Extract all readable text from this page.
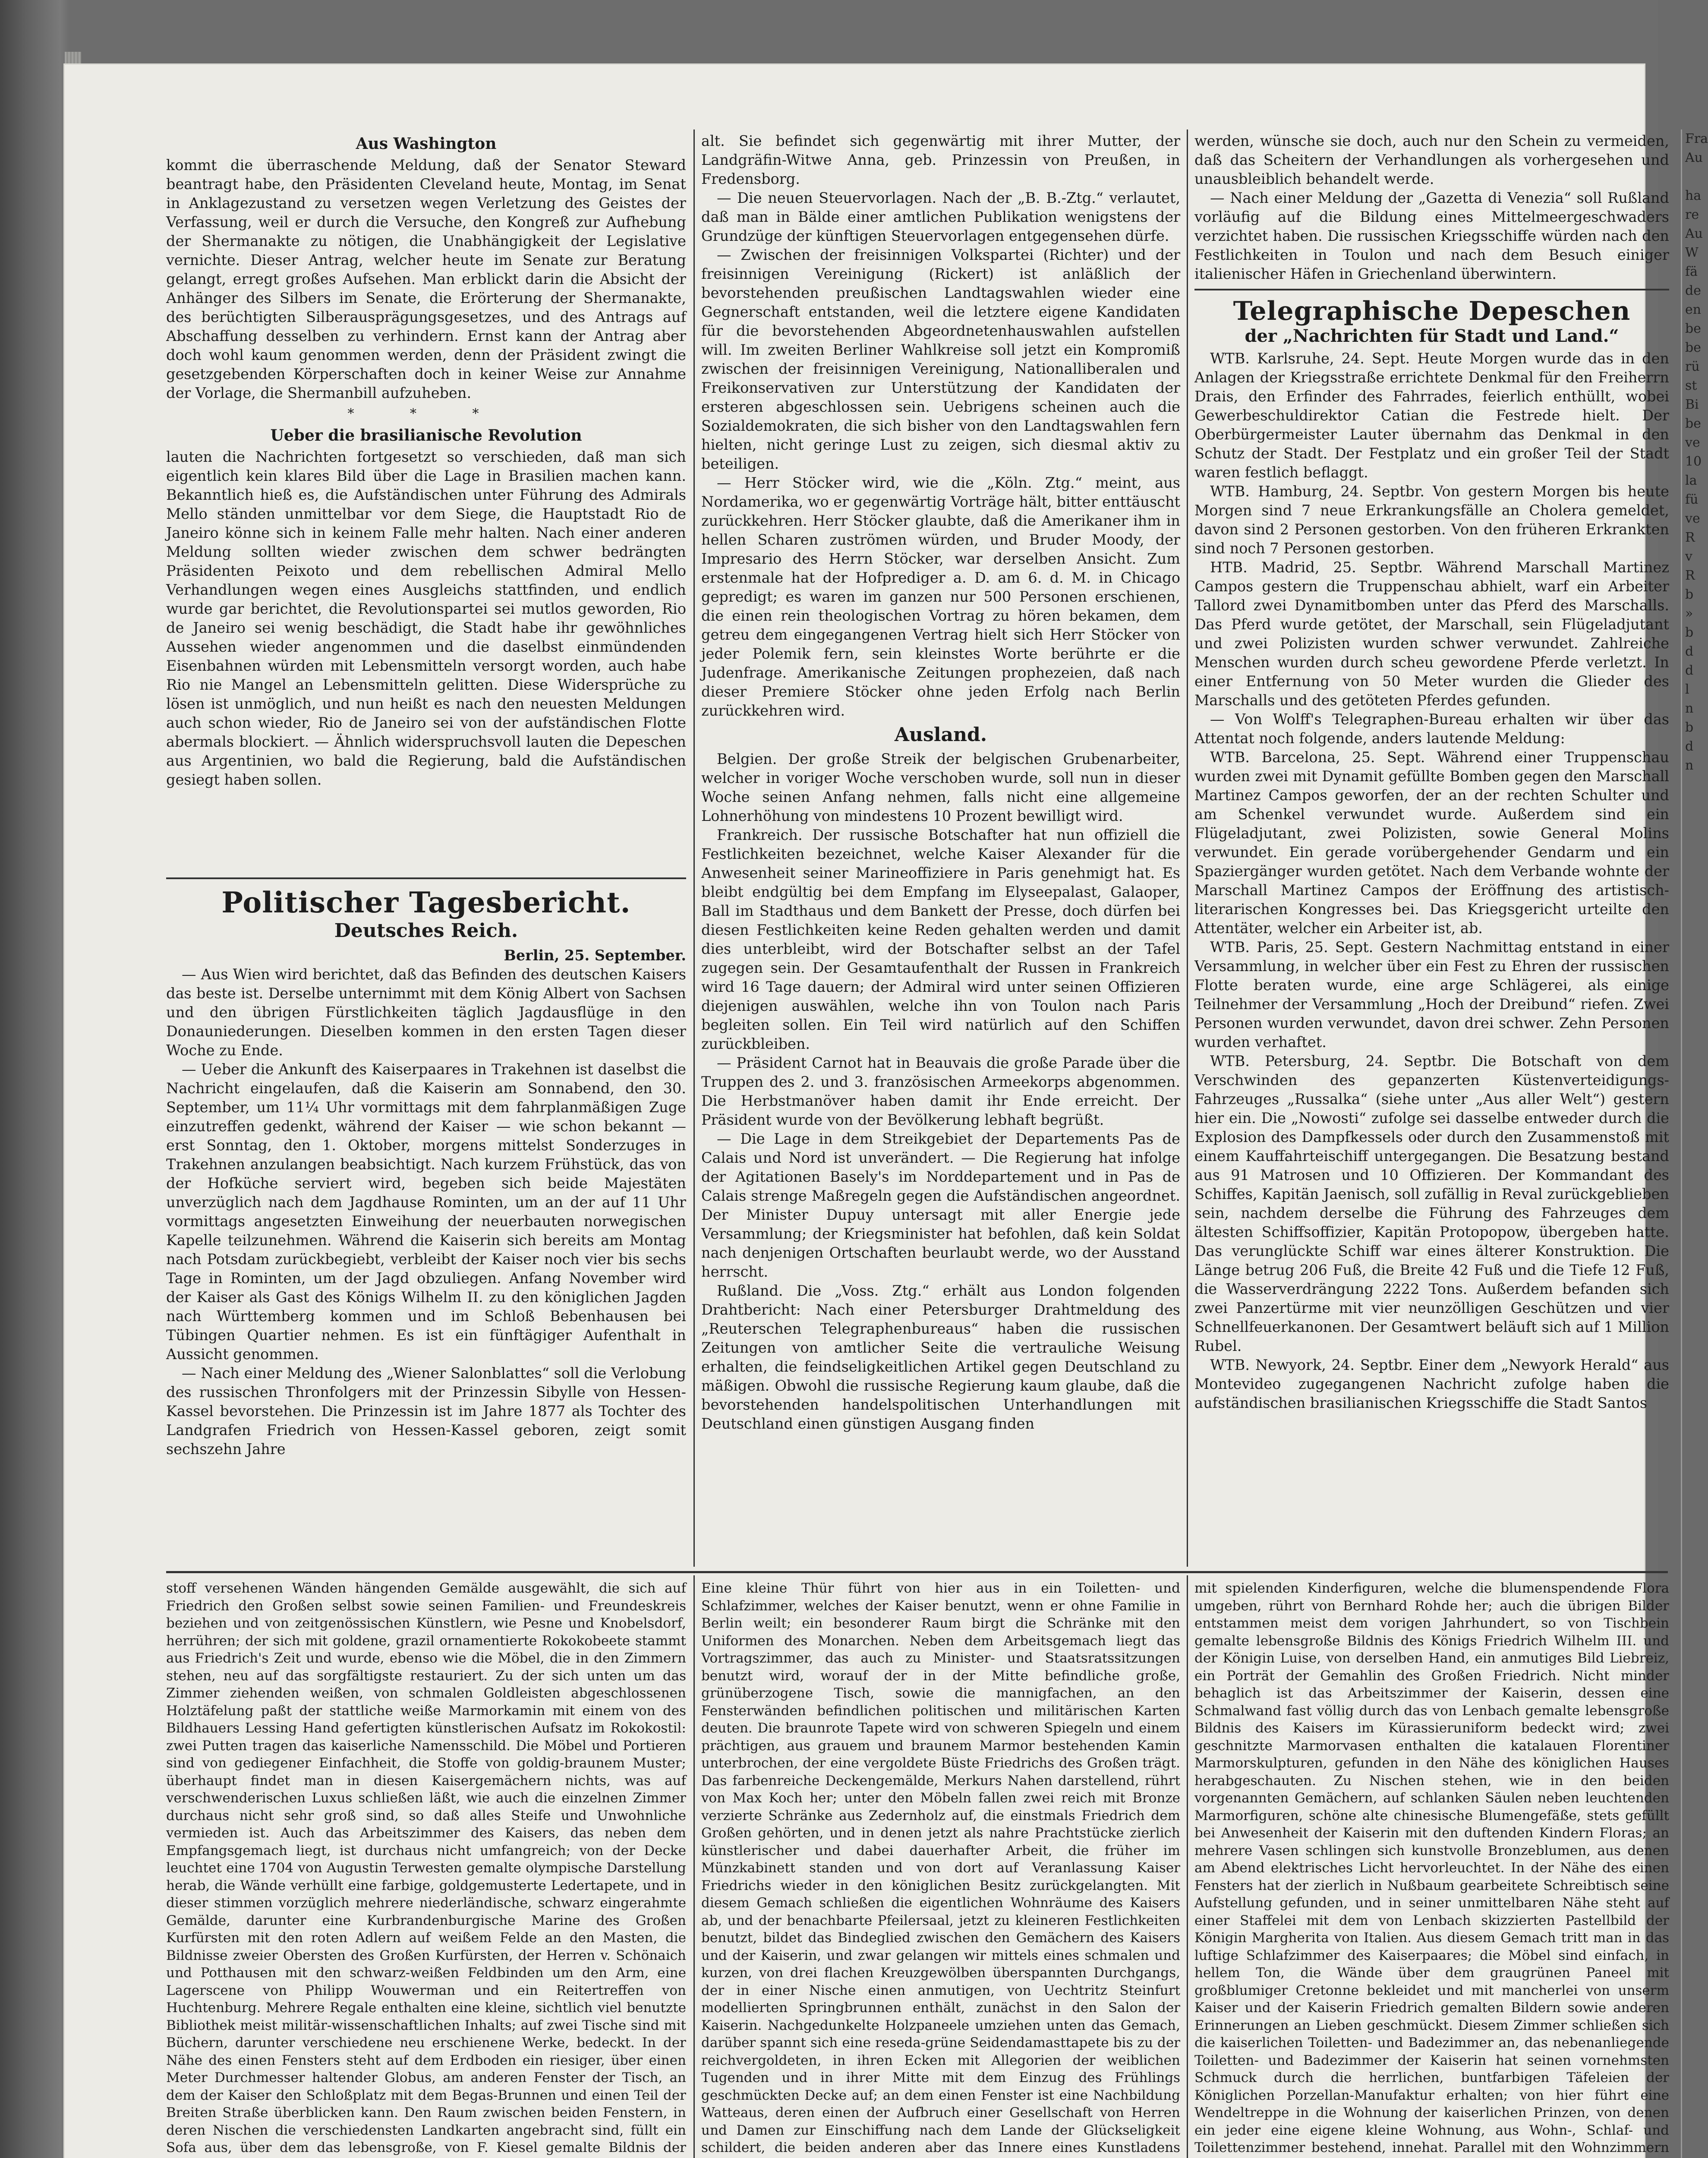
Aus Washington

kommt die überraschende Meldung, daß der Senator Steward beantragt habe, den Präsidenten Cleveland heute, Montag, im Senat in Anklagezustand zu versetzen wegen Verletzung des Geistes der Verfassung, weil er durch die Versuche, den Kongreß zur Aufhebung der Shermanakte zu nötigen, die Unabhängigkeit der Legislative vernichte. Dieser Antrag, welcher heute im Senate zur Beratung gelangt, erregt großes Aufsehen. Man erblickt darin die Absicht der Anhänger des Silbers im Senate, die Erörterung der Shermanakte, des berüchtigten Silberausprägungsgesetzes, und des Antrags auf Abschaffung desselben zu verhindern. Ernst kann der Antrag aber doch wohl kaum genommen werden, denn der Präsident zwingt die gesetzgebenden Körperschaften doch in keiner Weise zur Annahme der Vorlage, die Shermanbill aufzuheben.

* * *
Ueber die brasilianische Revolution

lauten die Nachrichten fortgesetzt so verschieden, daß man sich eigentlich kein klares Bild über die Lage in Brasilien machen kann. Bekanntlich hieß es, die Aufständischen unter Führung des Admirals Mello ständen unmittelbar vor dem Siege, die Hauptstadt Rio de Janeiro könne sich in keinem Falle mehr halten. Nach einer anderen Meldung sollten wieder zwischen dem schwer bedrängten Präsidenten Peixoto und dem rebellischen Admiral Mello Verhandlungen wegen eines Ausgleichs stattfinden, und endlich wurde gar berichtet, die Revolutionspartei sei mutlos geworden, Rio de Janeiro sei wenig beschädigt, die Stadt habe ihr gewöhnliches Aussehen wieder angenommen und die daselbst einmündenden Eisenbahnen würden mit Lebensmitteln versorgt worden, auch habe Rio nie Mangel an Lebensmitteln gelitten. Diese Widersprüche zu lösen ist unmöglich, und nun heißt es nach den neuesten Meldungen auch schon wieder, Rio de Janeiro sei von der aufständischen Flotte abermals blockiert. — Ähnlich widerspruchsvoll lauten die Depeschen aus Argentinien, wo bald die Regierung, bald die Aufständischen gesiegt haben sollen.

Politischer Tagesbericht.
Deutsches Reich.

Berlin, 25. September.

— Aus Wien wird berichtet, daß das Befinden des deutschen Kaisers das beste ist. Derselbe unternimmt mit dem König Albert von Sachsen und den übrigen Fürstlichkeiten täglich Jagdausflüge in den Donauniederungen. Dieselben kommen in den ersten Tagen dieser Woche zu Ende.

— Ueber die Ankunft des Kaiserpaares in Trakehnen ist daselbst die Nachricht eingelaufen, daß die Kaiserin am Sonnabend, den 30. September, um 11¼ Uhr vormittags mit dem fahrplanmäßigen Zuge einzutreffen gedenkt, während der Kaiser — wie schon bekannt — erst Sonntag, den 1. Oktober, morgens mittelst Sonderzuges in Trakehnen anzulangen beabsichtigt. Nach kurzem Frühstück, das von der Hofküche serviert wird, begeben sich beide Majestäten unverzüglich nach dem Jagdhause Rominten, um an der auf 11 Uhr vormittags angesetzten Einweihung der neuerbauten norwegischen Kapelle teilzunehmen. Während die Kaiserin sich bereits am Montag nach Potsdam zurückbegiebt, verbleibt der Kaiser noch vier bis sechs Tage in Rominten, um der Jagd obzuliegen. Anfang November wird der Kaiser als Gast des Königs Wilhelm II. zu den königlichen Jagden nach Württemberg kommen und im Schloß Bebenhausen bei Tübingen Quartier nehmen. Es ist ein fünftägiger Aufenthalt in Aussicht genommen.

— Nach einer Meldung des „Wiener Salonblattes“ soll die Verlobung des russischen Thronfolgers mit der Prinzessin Sibylle von Hessen-Kassel bevorstehen. Die Prinzessin ist im Jahre 1877 als Tochter des Landgrafen Friedrich von Hessen-Kassel geboren, zeigt somit sechszehn Jahre

alt. Sie befindet sich gegenwärtig mit ihrer Mutter, der Landgräfin-Witwe Anna, geb. Prinzessin von Preußen, in Fredensborg.

— Die neuen Steuervorlagen. Nach der „B. B.-Ztg.“ verlautet, daß man in Bälde einer amtlichen Publikation wenigstens der Grundzüge der künftigen Steuervorlagen entgegensehen dürfe.

— Zwischen der freisinnigen Volkspartei (Richter) und der freisinnigen Vereinigung (Rickert) ist anläßlich der bevorstehenden preußischen Landtagswahlen wieder eine Gegnerschaft entstanden, weil die letztere eigene Kandidaten für die bevorstehenden Abgeordnetenhauswahlen aufstellen will. Im zweiten Berliner Wahlkreise soll jetzt ein Kompromiß zwischen der freisinnigen Vereinigung, Nationalliberalen und Freikonservativen zur Unterstützung der Kandidaten der ersteren abgeschlossen sein. Uebrigens scheinen auch die Sozialdemokraten, die sich bisher von den Landtagswahlen fern hielten, nicht geringe Lust zu zeigen, sich diesmal aktiv zu beteiligen.

— Herr Stöcker wird, wie die „Köln. Ztg.“ meint, aus Nordamerika, wo er gegenwärtig Vorträge hält, bitter enttäuscht zurückkehren. Herr Stöcker glaubte, daß die Amerikaner ihm in hellen Scharen zuströmen würden, und Bruder Moody, der Impresario des Herrn Stöcker, war derselben Ansicht. Zum erstenmale hat der Hofprediger a. D. am 6. d. M. in Chicago gepredigt; es waren im ganzen nur 500 Personen erschienen, die einen rein theologischen Vortrag zu hören bekamen, dem getreu dem eingegangenen Vertrag hielt sich Herr Stöcker von jeder Polemik fern, sein kleinstes Worte berührte er die Judenfrage. Amerikanische Zeitungen prophezeien, daß nach dieser Premiere Stöcker ohne jeden Erfolg nach Berlin zurückkehren wird.

Ausland.

Belgien. Der große Streik der belgischen Grubenarbeiter, welcher in voriger Woche verschoben wurde, soll nun in dieser Woche seinen Anfang nehmen, falls nicht eine allgemeine Lohnerhöhung von mindestens 10 Prozent bewilligt wird.

Frankreich. Der russische Botschafter hat nun offiziell die Festlichkeiten bezeichnet, welche Kaiser Alexander für die Anwesenheit seiner Marineoffiziere in Paris genehmigt hat. Es bleibt endgültig bei dem Empfang im Elyseepalast, Galaoper, Ball im Stadthaus und dem Bankett der Presse, doch dürfen bei diesen Festlichkeiten keine Reden gehalten werden und damit dies unterbleibt, wird der Botschafter selbst an der Tafel zugegen sein. Der Gesamtaufenthalt der Russen in Frankreich wird 16 Tage dauern; der Admiral wird unter seinen Offizieren diejenigen auswählen, welche ihn von Toulon nach Paris begleiten sollen. Ein Teil wird natürlich auf den Schiffen zurückbleiben.

— Präsident Carnot hat in Beauvais die große Parade über die Truppen des 2. und 3. französischen Armeekorps abgenommen. Die Herbstmanöver haben damit ihr Ende erreicht. Der Präsident wurde von der Bevölkerung lebhaft begrüßt.

— Die Lage in dem Streikgebiet der Departements Pas de Calais und Nord ist unverändert. — Die Regierung hat infolge der Agitationen Basely's im Norddepartement und in Pas de Calais strenge Maßregeln gegen die Aufständischen angeordnet. Der Minister Dupuy untersagt mit aller Energie jede Versammlung; der Kriegsminister hat befohlen, daß kein Soldat nach denjenigen Ortschaften beurlaubt werde, wo der Ausstand herrscht.

Rußland. Die „Voss. Ztg.“ erhält aus London folgenden Drahtbericht: Nach einer Petersburger Drahtmeldung des „Reuterschen Telegraphenbureaus“ haben die russischen Zeitungen von amtlicher Seite die vertrauliche Weisung erhalten, die feindseligkeitlichen Artikel gegen Deutschland zu mäßigen. Obwohl die russische Regierung kaum glaube, daß die bevorstehenden handelspolitischen Unterhandlungen mit Deutschland einen günstigen Ausgang finden

werden, wünsche sie doch, auch nur den Schein zu vermeiden, daß das Scheitern der Verhandlungen als vorhergesehen und unausbleiblich behandelt werde.

— Nach einer Meldung der „Gazetta di Venezia“ soll Rußland vorläufig auf die Bildung eines Mittelmeergeschwaders verzichtet haben. Die russischen Kriegsschiffe würden nach den Festlichkeiten in Toulon und nach dem Besuch einiger italienischer Häfen in Griechenland überwintern.

Telegraphische Depeschen
der „Nachrichten für Stadt und Land.“

WTB. Karlsruhe, 24. Sept. Heute Morgen wurde das in den Anlagen der Kriegsstraße errichtete Denkmal für den Freiherrn Drais, den Erfinder des Fahrrades, feierlich enthüllt, wobei Gewerbeschuldirektor Catian die Festrede hielt. Der Oberbürgermeister Lauter übernahm das Denkmal in den Schutz der Stadt. Der Festplatz und ein großer Teil der Stadt waren festlich beflaggt.

WTB. Hamburg, 24. Septbr. Von gestern Morgen bis heute Morgen sind 7 neue Erkrankungsfälle an Cholera gemeldet, davon sind 2 Personen gestorben. Von den früheren Erkrankten sind noch 7 Personen gestorben.

HTB. Madrid, 25. Septbr. Während Marschall Martinez Campos gestern die Truppenschau abhielt, warf ein Arbeiter Tallord zwei Dynamitbomben unter das Pferd des Marschalls. Das Pferd wurde getötet, der Marschall, sein Flügeladjutant und zwei Polizisten wurden schwer verwundet. Zahlreiche Menschen wurden durch scheu gewordene Pferde verletzt. In einer Entfernung von 50 Meter wurden die Glieder des Marschalls und des getöteten Pferdes gefunden.

— Von Wolff's Telegraphen-Bureau erhalten wir über das Attentat noch folgende, anders lautende Meldung:

WTB. Barcelona, 25. Sept. Während einer Truppenschau wurden zwei mit Dynamit gefüllte Bomben gegen den Marschall Martinez Campos geworfen, der an der rechten Schulter und am Schenkel verwundet wurde. Außerdem sind ein Flügeladjutant, zwei Polizisten, sowie General Molins verwundet. Ein gerade vorübergehender Gendarm und ein Spaziergänger wurden getötet. Nach dem Verbande wohnte der Marschall Martinez Campos der Eröffnung des artistisch-literarischen Kongresses bei. Das Kriegsgericht urteilte den Attentäter, welcher ein Arbeiter ist, ab.

WTB. Paris, 25. Sept. Gestern Nachmittag entstand in einer Versammlung, in welcher über ein Fest zu Ehren der russischen Flotte beraten wurde, eine arge Schlägerei, als einige Teilnehmer der Versammlung „Hoch der Dreibund“ riefen. Zwei Personen wurden verwundet, davon drei schwer. Zehn Personen wurden verhaftet.

WTB. Petersburg, 24. Septbr. Die Botschaft von dem Verschwinden des gepanzerten Küstenverteidigungs-Fahrzeuges „Russalka“ (siehe unter „Aus aller Welt“) gestern hier ein. Die „Nowosti“ zufolge sei dasselbe entweder durch die Explosion des Dampfkessels oder durch den Zusammenstoß mit einem Kauffahrteischiff untergegangen. Die Besatzung bestand aus 91 Matrosen und 10 Offizieren. Der Kommandant des Schiffes, Kapitän Jaenisch, soll zufällig in Reval zurückgeblieben sein, nachdem derselbe die Führung des Fahrzeuges dem ältesten Schiffsoffizier, Kapitän Protopopow, übergeben hatte. Das verunglückte Schiff war eines älterer Konstruktion. Die Länge betrug 206 Fuß, die Breite 42 Fuß und die Tiefe 12 Fuß, die Wasserverdrängung 2222 Tons. Außerdem befanden sich zwei Panzertürme mit vier neunzölligen Geschützen und vier Schnellfeuerkanonen. Der Gesamtwert beläuft sich auf 1 Million Rubel.

WTB. Newyork, 24. Septbr. Einer dem „Newyork Herald“ aus Montevideo zugegangenen Nachricht zufolge haben die aufständischen brasilianischen Kriegsschiffe die Stadt Santos

stoff versehenen Wänden hängenden Gemälde ausgewählt, die sich auf Friedrich den Großen selbst sowie seinen Familien- und Freundeskreis beziehen und von zeitgenössischen Künstlern, wie Pesne und Knobelsdorf, herrühren; der sich mit goldene, grazil ornamentierte Rokokobeete stammt aus Friedrich's Zeit und wurde, ebenso wie die Möbel, die in den Zimmern stehen, neu auf das sorgfältigste restauriert. Zu der sich unten um das Zimmer ziehenden weißen, von schmalen Goldleisten abgeschlossenen Holztäfelung paßt der stattliche weiße Marmorkamin mit einem von des Bildhauers Lessing Hand gefertigten künstlerischen Aufsatz im Rokokostil: zwei Putten tragen das kaiserliche Namensschild. Die Möbel und Portieren sind von gediegener Einfachheit, die Stoffe von goldig-braunem Muster; überhaupt findet man in diesen Kaisergemächern nichts, was auf verschwenderischen Luxus schließen läßt, wie auch die einzelnen Zimmer durchaus nicht sehr groß sind, so daß alles Steife und Unwohnliche vermieden ist. Auch das Arbeitszimmer des Kaisers, das neben dem Empfangsgemach liegt, ist durchaus nicht umfangreich; von der Decke leuchtet eine 1704 von Augustin Terwesten gemalte olympische Darstellung herab, die Wände verhüllt eine farbige, goldgemusterte Ledertapete, und in dieser stimmen vorzüglich mehrere niederländische, schwarz eingerahmte Gemälde, darunter eine Kurbrandenburgische Marine des Großen Kurfürsten mit den roten Adlern auf weißem Felde an den Masten, die Bildnisse zweier Obersten des Großen Kurfürsten, der Herren v. Schönaich und Potthausen mit den schwarz-weißen Feldbinden um den Arm, eine Lagerscene von Philipp Wouwerman und ein Reitertreffen von Huchtenburg. Mehrere Regale enthalten eine kleine, sichtlich viel benutzte Bibliothek meist militär-wissenschaftlichen Inhalts; auf zwei Tische sind mit Büchern, darunter verschiedene neu erschienene Werke, bedeckt. In der Nähe des einen Fensters steht auf dem Erdboden ein riesiger, über einen Meter Durchmesser haltender Globus, am anderen Fenster der Tisch, an dem der Kaiser den Schloßplatz mit dem Begas-Brunnen und einen Teil der Breiten Straße überblicken kann. Den Raum zwischen beiden Fenstern, in deren Nischen die verschiedensten Landkarten angebracht sind, füllt ein Sofa aus, über dem das lebensgroße, von F. Kiesel gemalte Bildnis der

Eine kleine Thür führt von hier aus in ein Toiletten- und Schlafzimmer, welches der Kaiser benutzt, wenn er ohne Familie in Berlin weilt; ein besonderer Raum birgt die Schränke mit den Uniformen des Monarchen. Neben dem Arbeitsgemach liegt das Vortragszimmer, das auch zu Minister- und Staatsratssitzungen benutzt wird, worauf der in der Mitte befindliche große, grünüberzogene Tisch, sowie die mannigfachen, an den Fensterwänden befindlichen politischen und militärischen Karten deuten. Die braunrote Tapete wird von schweren Spiegeln und einem prächtigen, aus grauem und braunem Marmor bestehenden Kamin unterbrochen, der eine vergoldete Büste Friedrichs des Großen trägt. Das farbenreiche Deckengemälde, Merkurs Nahen darstellend, rührt von Max Koch her; unter den Möbeln fallen zwei reich mit Bronze verzierte Schränke aus Zedernholz auf, die einstmals Friedrich dem Großen gehörten, und in denen jetzt als nahre Prachtstücke zierlich künstlerischer und dabei dauerhafter Arbeit, die früher im Münzkabinett standen und von dort auf Veranlassung Kaiser Friedrichs wieder in den königlichen Besitz zurückgelangten. Mit diesem Gemach schließen die eigentlichen Wohnräume des Kaisers ab, und der benachbarte Pfeilersaal, jetzt zu kleineren Festlichkeiten benutzt, bildet das Bindeglied zwischen den Gemächern des Kaisers und der Kaiserin, und zwar gelangen wir mittels eines schmalen und kurzen, von drei flachen Kreuzgewölben überspannten Durchgangs, der in einer Nische einen anmutigen, von Uechtritz Steinfurt modellierten Springbrunnen enthält, zunächst in den Salon der Kaiserin. Nachgedunkelte Holzpaneele umziehen unten das Gemach, darüber spannt sich eine reseda-grüne Seidendamasttapete bis zu der reichvergoldeten, in ihren Ecken mit Allegorien der weiblichen Tugenden und in ihrer Mitte mit dem Einzug des Frühlings geschmückten Decke auf; an dem einen Fenster ist eine Nachbildung Watteaus, deren einen der Aufbruch einer Gesellschaft von Herren und Damen zur Einschiffung nach dem Lande der Glückseligkeit schildert, die beiden anderen aber das Innere eines Kunstladens

mit spielenden Kinderfiguren, welche die blumenspendende Flora umgeben, rührt von Bernhard Rohde her; auch die übrigen Bilder entstammen meist dem vorigen Jahrhundert, so von Tischbein gemalte lebensgroße Bildnis des Königs Friedrich Wilhelm III. und der Königin Luise, von derselben Hand, ein anmutiges Bild Liebreiz, ein Porträt der Gemahlin des Großen Friedrich. Nicht minder behaglich ist das Arbeitszimmer der Kaiserin, dessen eine Schmalwand fast völlig durch das von Lenbach gemalte lebensgroße Bildnis des Kaisers im Kürassieruniform bedeckt wird; zwei geschnitzte Marmorvasen enthalten die katalauen Florentiner Marmorskulpturen, gefunden in den Nähe des königlichen Hauses herabgeschauten. Zu Nischen stehen, wie in den beiden vorgenannten Gemächern, auf schlanken Säulen neben leuchtenden Marmorfiguren, schöne alte chinesische Blumengefäße, stets gefüllt bei Anwesenheit der Kaiserin mit den duftenden Kindern Floras; an mehrere Vasen schlingen sich kunstvolle Bronzeblumen, aus denen am Abend elektrisches Licht hervorleuchtet. In der Nähe des einen Fensters hat der zierlich in Nußbaum gearbeitete Schreibtisch seine Aufstellung gefunden, und in seiner unmittelbaren Nähe steht auf einer Staffelei mit dem von Lenbach skizzierten Pastellbild der Königin Margherita von Italien. Aus diesem Gemach tritt man in das luftige Schlafzimmer des Kaiserpaares; die Möbel sind einfach, in hellem Ton, die Wände über dem graugrünen Paneel mit großblumiger Cretonne bekleidet und mit mancherlei von unserm Kaiser und der Kaiserin Friedrich gemalten Bildern sowie anderen Erinnerungen an Lieben geschmückt. Diesem Zimmer schließen sich die kaiserlichen Toiletten- und Badezimmer an, das nebenanliegende Toiletten- und Badezimmer der Kaiserin hat seinen vornehmsten Schmuck durch die herrlichen, buntfarbigen Täfeleien der Königlichen Porzellan-Manufaktur erhalten; von hier führt eine Wendeltreppe in die Wohnung der kaiserlichen Prinzen, von denen ein jeder eine eigene kleine Wohnung, aus Wohn-, Schlaf- und Toilettenzimmer bestehend, innehat. Parallel mit den Wohnzimmern

Fra
Au

ha
re
Au
W
fä
de
en
be
be
rü
st
Bi
be
ve
10
la
fü
ve
R
v
R
b
»
b
d
d
l
n
b
d
n
